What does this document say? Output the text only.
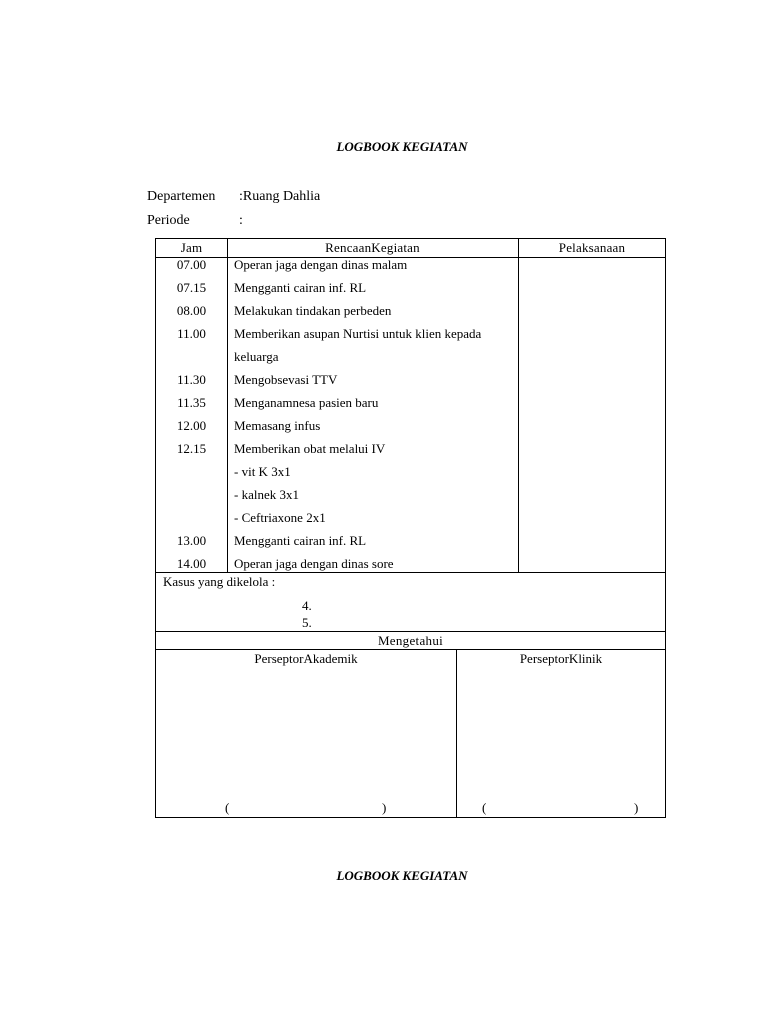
LOGBOOK KEGIATAN
Departemen :Ruang Dahlia
Periode	:
Jam	RencaanKegiatan	Pelaksanaan
07.00	Operan jaga dengan dinas malam
07.15	Mengganti cairan inf. RL
08.00	Melakukan tindakan perbeden
11.00	Memberikan asupan Nurtisi untuk klien kepada
keluarga
11.30	Mengobsevasi TTV
11.35	Menganamnesa pasien baru
12.00	Memasang infus
12.15	Memberikan obat melalui IV
- vit K 3x1
- kalnek 3x1
- Ceftriaxone 2x1
13.00	Mengganti cairan inf. RL
14.00	Operan jaga dengan dinas sore
Kasus yang dikelola :
4.
5.
Mengetahui
PerseptorAkademik	PerseptorKlinik
(	)	(	)
LOGBOOK KEGIATAN
